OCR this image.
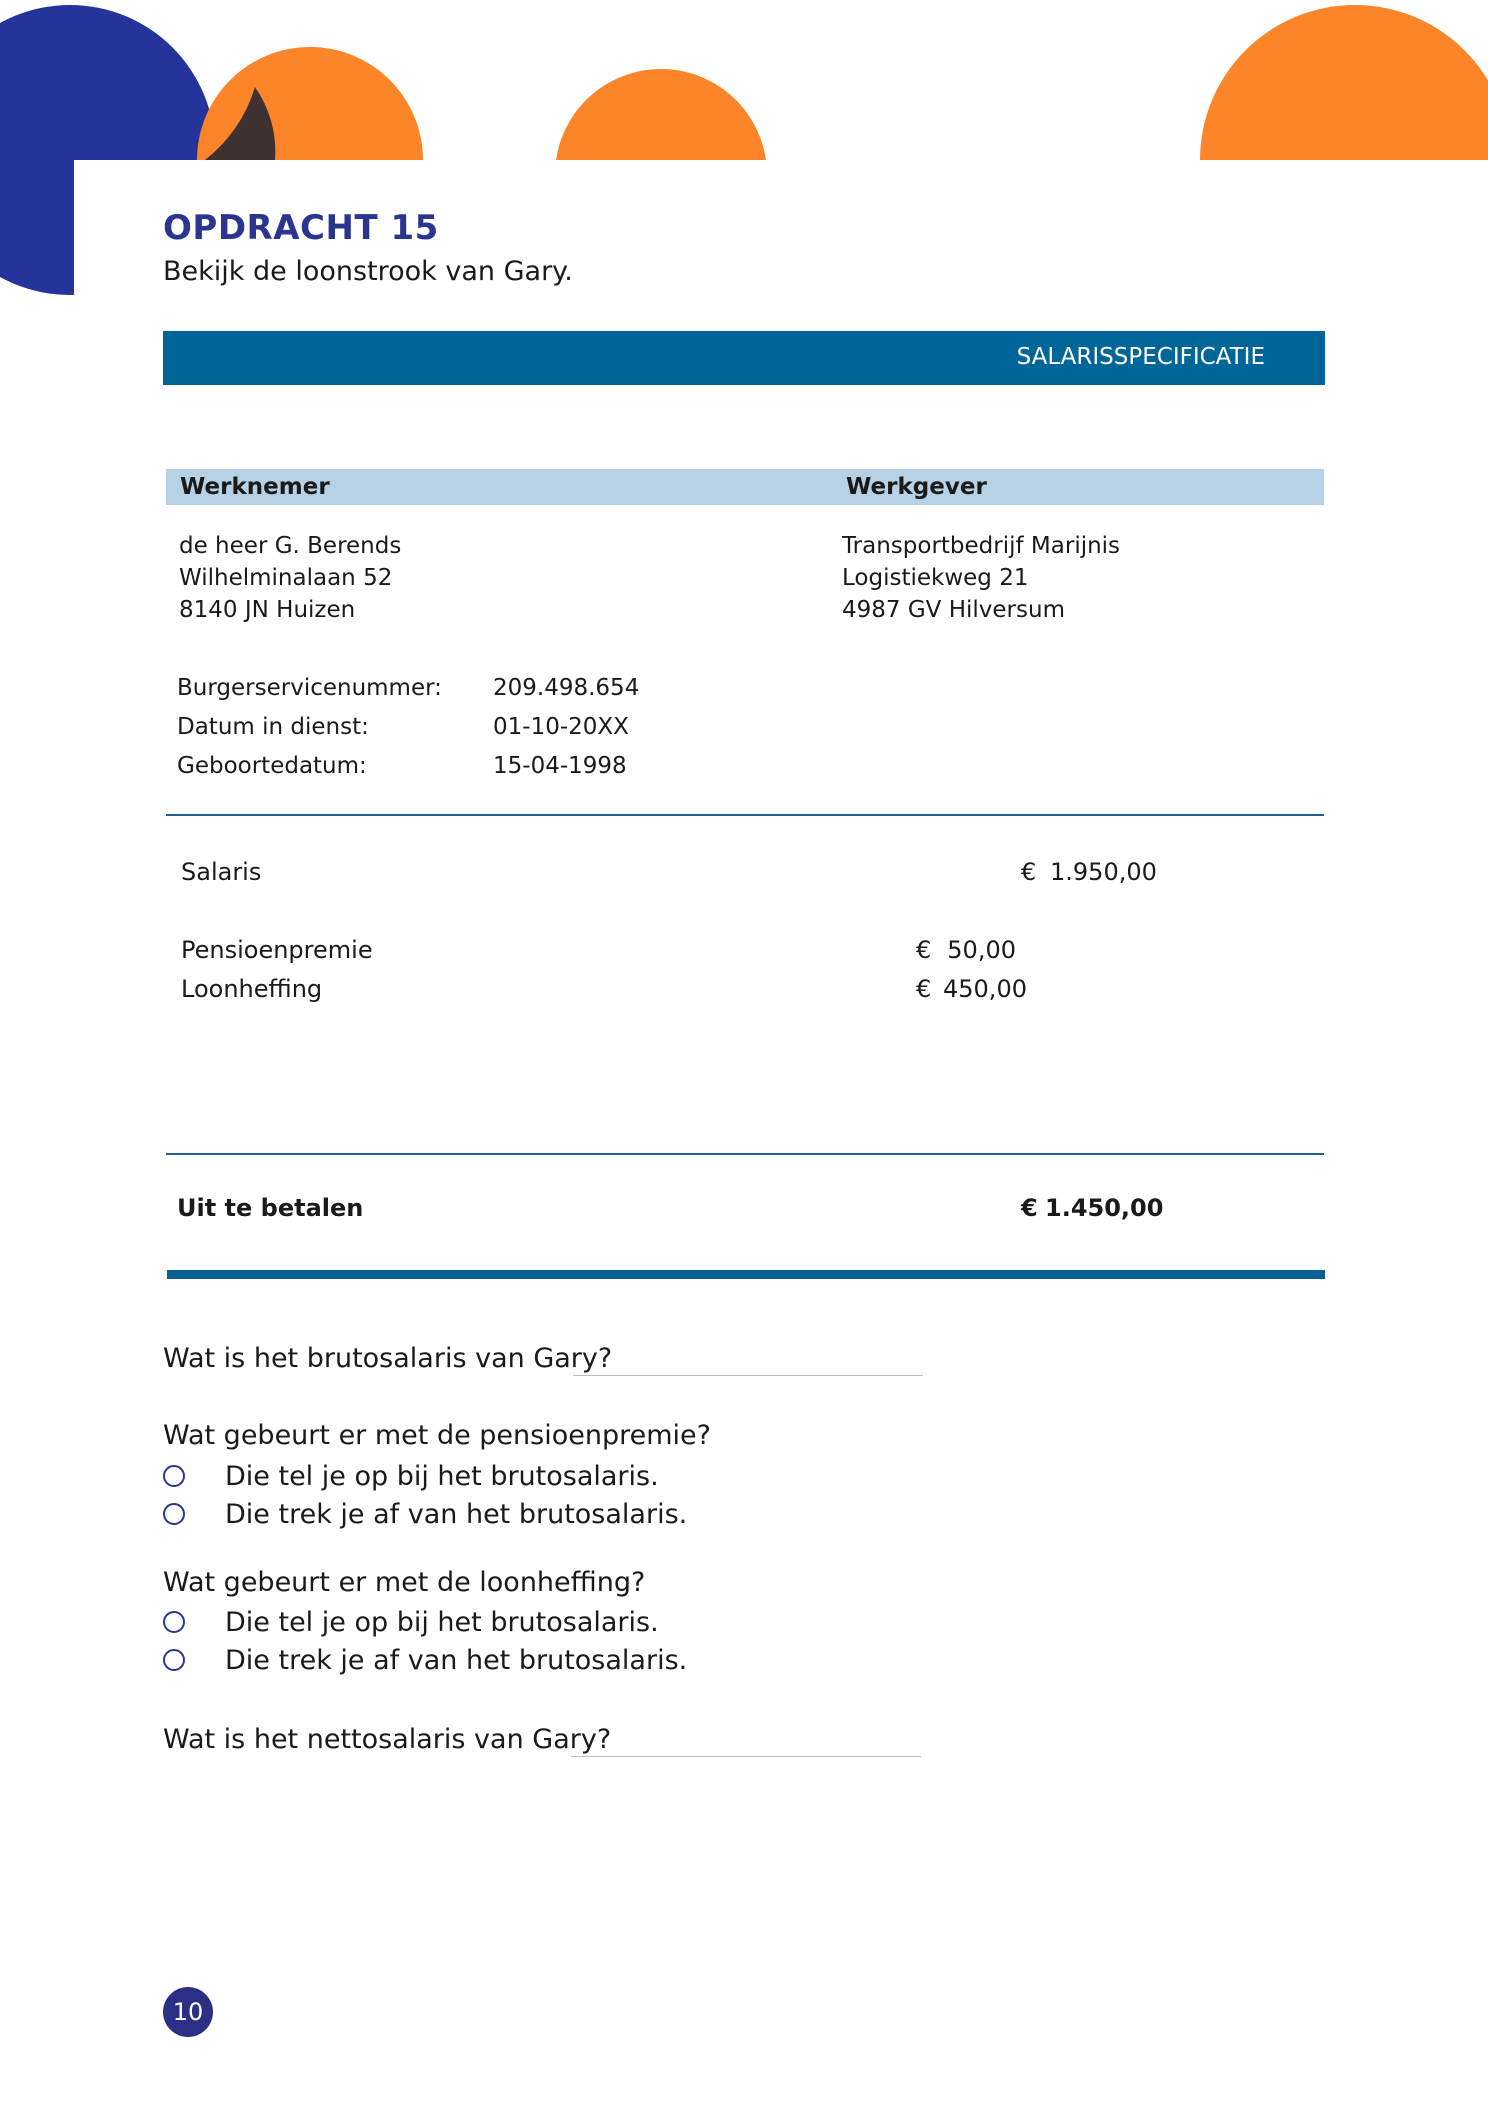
OPDRACHT 15
Bekijk de loonstrook van Gary.
SALARISSPECIFICATIE
Werknemer	Werkgever
de heer G. Berends
Wilhelminalaan 52
8140 JN Huizen
Transportbedrijf Marijnis
Logistiekweg 21
4987 GV Hilversum
Burgerservicenummer: 209.498.654
Datum in dienst:	01-10-20XX
Geboortedatum:	15-04-1998
Salaris	€ 1.950,00
Pensioenpremie	€ 50,00
Loonheffing	€ 450,00
Uit te betalen	€ 1.450,00
Wat is het brutosalaris van Gary?
Wat gebeurt er met de pensioenpremie?
Die tel je op bij het brutosalaris.
Die trek je af van het brutosalaris.
Wat gebeurt er met de loonheffing?
Die tel je op bij het brutosalaris.
Die trek je af van het brutosalaris.
Wat is het nettosalaris van Gary?
10
